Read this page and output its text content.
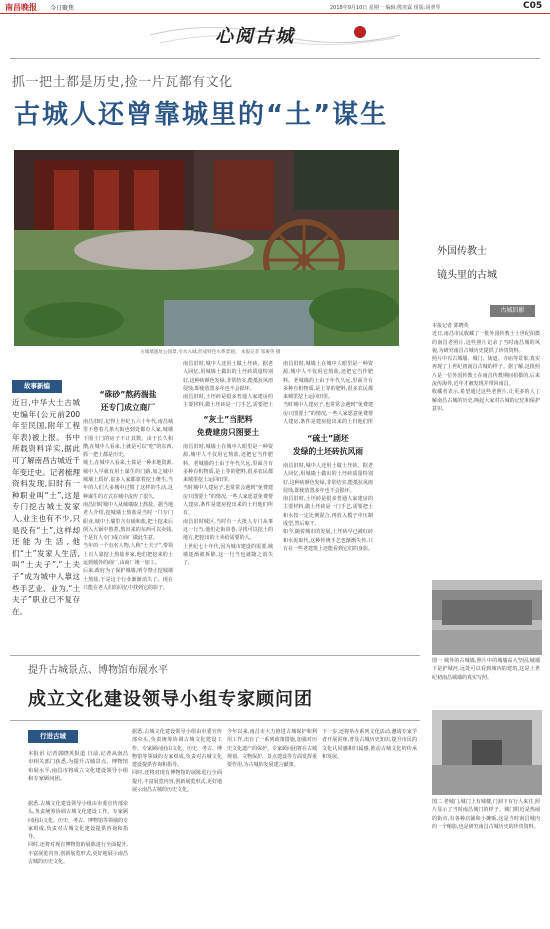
南昌晚报 今日聚焦	2018年9月10日 星期一 编辑:熊奕霖 组版:胡翠琴	C05
心阅古城
抓一把土都是历史,捡一片瓦都有文化
古城人还曾靠城里的“土”谋生
古城墙遗址公园景,引水入城,形成特色水系景观。 本报记者 邹俊英 摄
外国传教士
镜头里的古城
古城旧影
本报记者 郭晓英
近日,南昌市民收藏了一批外国传教士上世纪拍摄的南昌老照片,这些照片记录了当时南昌城的风貌,为研究南昌古城历史提供了珍贵资料。
照片中有古城墙、城门、街道、寺庙等景象,真实再现了上世纪初南昌古城的样子。据了解,这批照片是一位外国传教士在南昌传教期间拍摄的,后来流传海外,近年才被发现并带回南昌。
收藏者表示,希望通过这些老照片,让更多的人了解南昌古城的历史,唤起大家对古城的记忆和保护意识。
图一 城外的古城墙,照片中的城墙高大坚固,城墙下是护城河,远处可以看到城内的建筑,这是上世纪初南昌城墙的真实写照。
图二 老城门,城门上有城楼,门洞下有行人来往,照片显示了当时南昌城门的样子。城门附近是热闹的街市,有各种店铺和小摊贩,这是当时南昌城内的一个缩影,也是研究南昌古城历史的珍贵资料。
故事新编
近日,中华大土古城史编年(公元前200年至民国,附年工程年表)被上报。书中所载资料详实,据此可了解南昌古城近千年变迁史。记者梳理资料发现,旧时有一种职业叫“土”,这是专门挖古城土发家人,业主也有不少,只是没有“土”,这样却还能为生活,他们“土”发家人生活,叫“土夫子”,“土夫子”成为城中人靠这些手艺业、业为,“土夫子”职业已不复存在。
“硃砂”熬药湍盐
还专门成立商厂
南昌旧时,记得上世纪五六十年代,南昌城里不愁着几条大街也到处都有人家,城墙下围土门的房子不计其数。由于长久积攒,在城中人看来,土就是可以“吃”的东西,抓一把土都是历史。
城土,在城中人看来,土算是一种本地资源,城中人早就有用土谋生的门路,加之城中城墙土质好,很多人家都靠着挖土维生,当年的人们大多城中过惯了这样的生活,这种谋生的方式在城中流传了很久。
南昌旧时城中人从城墙取土熬盐。据当地老人介绍,挖城墙土熬盐是当时一门专门职业,城中土墙里含有硝和盐,把土挖来后倒入大锅中熬煮,熬出来的东西可以卖钱,于是有人专门成立商厂做此生意。
当年的一个有名人物,人称“土夫子”,带领上百人靠挖土熬盐养家,他们把挖来的土运到城外的商厂,由商厂统一加工。
后来,政府为了保护城墙,明令禁止挖城墙土熬盐,于是这个行业渐渐消失了。现在只能在老人们的回忆中找到它的影子。
南昌旧时,城中人还用土做土坯砖。据老人回忆,用城墙土做出的土坯砖质量特别好,这种砖颜色发绿,非常结实,能抵抗风雨侵蚀,即使放置多年也不会损坏。
南昌旧时,土坯砖是很多普通人家建房的主要材料,做土坯砖是一门手艺,需要把土

“灰土”当肥料
免费建房只图要土
南昌旧时,城墙土在城中人眼里是一种资源,城中人不仅用它熬盐,还把它当作肥料。老城墙的土由于年代久远,里面含有多种有机物质,是上等的肥料,很多农民都来城里挖土运回田里。
当时城中人建房子,也常常会遇到“免费建房只图要土”的情况,一些人家愿意免费帮人建房,条件是建房挖出来的土归他们所有。
南昌旧时城区,当时有一大批人专门从事这一行当,他们走街串巷,寻找可以挖土的地方,把挖出的土卖给需要的人。
上世纪七十年代,因为城市建设的需要,城墙逐渐被拆除,这一行当也就随之消失了。
南昌旧时,城墙土在城中人眼里是一种资源,城中人不仅用它熬盐,还把它当作肥料。老城墙的土由于年代久远,里面含有多种有机物质,是上等的肥料,很多农民都来城里挖土运回田里。
当时城中人建房子,也常常会遇到“免费建房只图要土”的情况,一些人家愿意免费帮人建房,条件是建房挖出来的土归他们所

“硫土”剧坯
发绿的土坯砖抗风雨
南昌旧时,城中人还用土做土坯砖。据老人回忆,用城墙土做出的土坯砖质量特别好,这种砖颜色发绿,非常结实,能抵抗风雨侵蚀,即使放置多年也不会损坏。
南昌旧时,土坯砖是很多普通人家建房的主要材料,做土坯砖是一门手艺,需要把土和水按一定比例混合,再放入模子中压制成型,然后晾干。
如今,随着城市的发展,土坯砖早已被红砖和水泥取代,这种传统手艺也渐渐失传,只有在一些老建筑上还能看到它们的身影。
提升古城景点、博物馆布展水平
成立文化建设领导小组专家顾问团
行进古城
本报讯 记者郭晓英报道 日前,记者从南昌市相关部门获悉,为提升古城景点、博物馆布展水平,南昌市将成立文化建设领导小组和专家顾问团。
据悉,古城文化建设领导小组由市委宣传部牵头,负责统筹协调古城文化建设工作。专家顾问团由文化、历史、考古、博物馆等领域的专家组成,负责对古城文化建设提供咨询和指导。
同时,还将对现有博物馆的展陈进行全面提升,丰富展览内容,创新展览形式,更好地展示南昌古城的历史文化。
据悉,古城文化建设领导小组由市委宣传部牵头,负责统筹协调古城文化建设工作。专家顾问团由文化、历史、考古、博物馆等领域的专家组成,负责对古城文化建设提供咨询和指导。
同时,还将对现有博物馆的展陈进行全面提升,丰富展览内容,创新展览形式,更好地展示南昌古城的历史文化。
今年以来,南昌市大力推进古城保护和利用工作,出台了一系列政策措施,加强对历史文化遗产的保护。专家顾问团将在古城规划、文物保护、景点建设等方面发挥重要作用,为古城的发展建言献策。
下一步,还将举办系列文化活动,邀请专家学者开展讲座,普及古城历史知识,提升市民的文化认同感和归属感,推动古城文化的传承和发展。
